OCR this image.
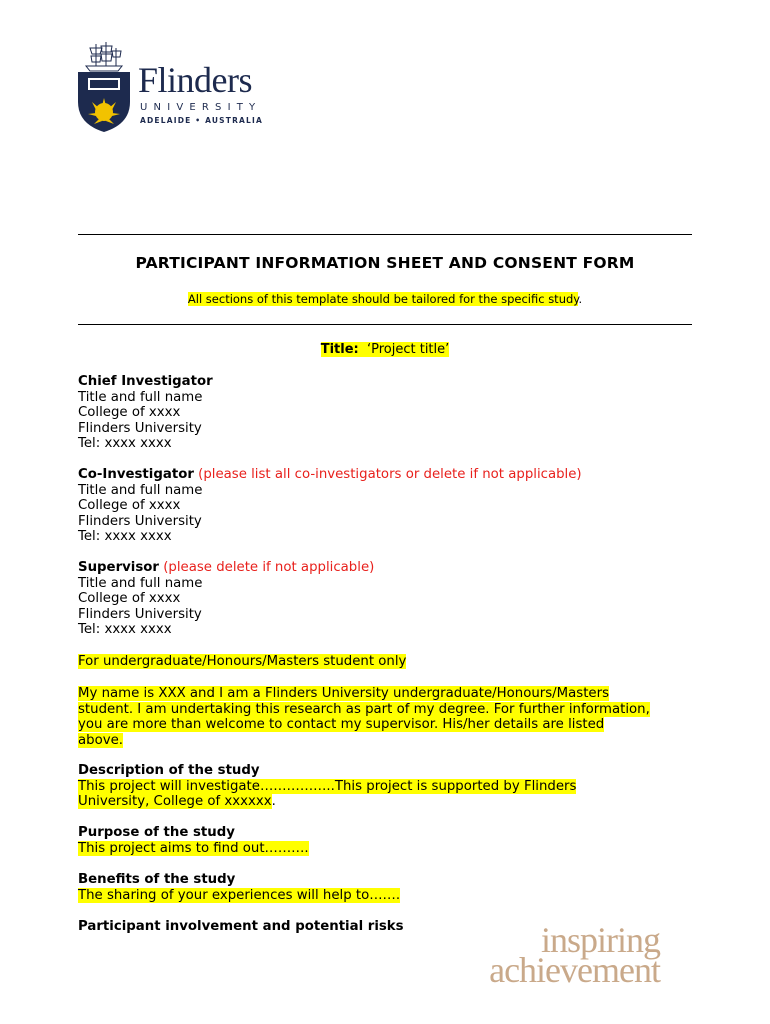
Flinders
UNIVERSITY
ADELAIDE • AUSTRALIA
PARTICIPANT INFORMATION SHEET AND CONSENT FORM
All sections of this template should be tailored for the specific study.
Title: ‘Project title’
Chief Investigator
Title and full name
College of xxxx
Flinders University
Tel: xxxx xxxx
Co-Investigator (please list all co-investigators or delete if not applicable)
Title and full name
College of xxxx
Flinders University
Tel: xxxx xxxx
Supervisor (please delete if not applicable)
Title and full name
College of xxxx
Flinders University
Tel: xxxx xxxx
For undergraduate/Honours/Masters student only
My name is XXX and I am a Flinders University undergraduate/Honours/Masters
student. I am undertaking this research as part of my degree. For further information,
you are more than welcome to contact my supervisor. His/her details are listed
above.
Description of the study
This project will investigate……………..This project is supported by Flinders
University, College of xxxxxx.
Purpose of the study
This project aims to find out……….
Benefits of the study
The sharing of your experiences will help to…….
Participant involvement and potential risks	inspiring
achievement
